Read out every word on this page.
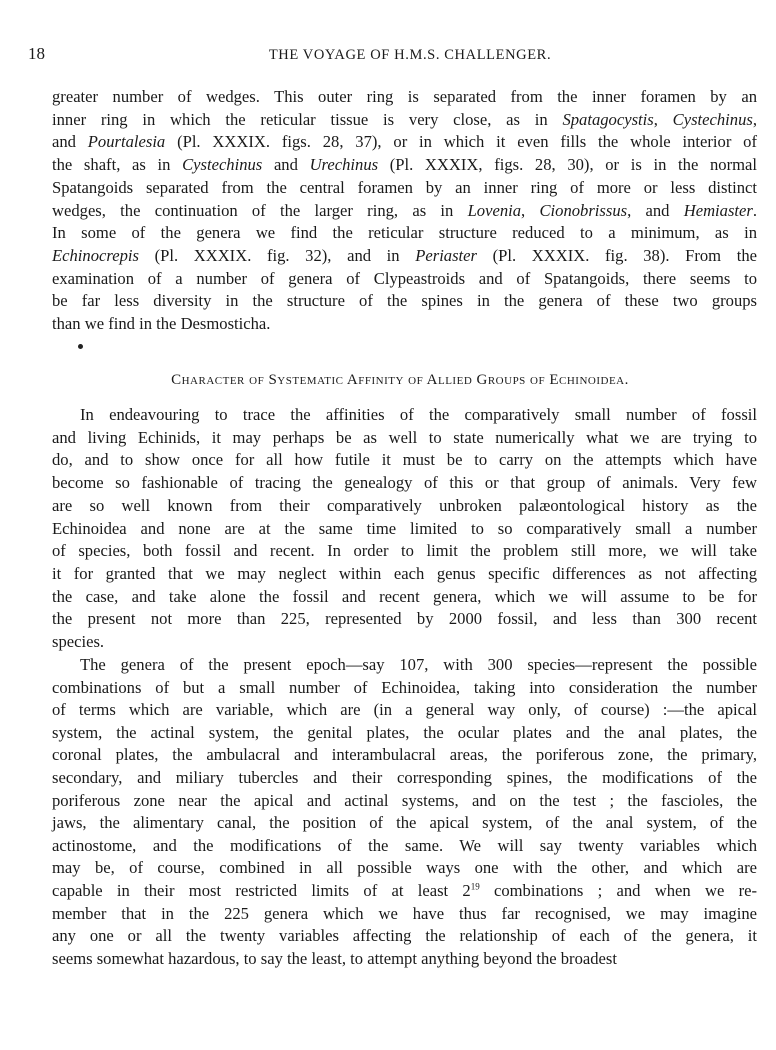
18	THE VOYAGE OF H.M.S. CHALLENGER.
greater number of wedges. This outer ring is separated from the inner foramen by an
inner ring in which the reticular tissue is very close, as in Spatagocystis, Cystechinus,
and Pourtalesia (Pl. XXXIX. figs. 28, 37), or in which it even fills the whole interior of
the shaft, as in Cystechinus and Urechinus (Pl. XXXIX, figs. 28, 30), or is in the normal
Spatangoids separated from the central foramen by an inner ring of more or less distinct
wedges, the continuation of the larger ring, as in Lovenia, Cionobrissus, and Hemiaster.
In some of the genera we find the reticular structure reduced to a minimum, as in
Echinocrepis (Pl. XXXIX. fig. 32), and in Periaster (Pl. XXXIX. fig. 38). From the
examination of a number of genera of Clypeastroids and of Spatangoids, there seems to
be far less diversity in the structure of the spines in the genera of these two groups
than we find in the Desmosticha.
Character of Systematic Affinity of Allied Groups of Echinoidea.
In endeavouring to trace the affinities of the comparatively small number of fossil
and living Echinids, it may perhaps be as well to state numerically what we are trying to
do, and to show once for all how futile it must be to carry on the attempts which have
become so fashionable of tracing the genealogy of this or that group of animals. Very few
are so well known from their comparatively unbroken palæontological history as the
Echinoidea and none are at the same time limited to so comparatively small a number
of species, both fossil and recent. In order to limit the problem still more, we will take
it for granted that we may neglect within each genus specific differences as not affecting
the case, and take alone the fossil and recent genera, which we will assume to be for
the present not more than 225, represented by 2000 fossil, and less than 300 recent
species.
The genera of the present epoch—say 107, with 300 species—represent the possible
combinations of but a small number of Echinoidea, taking into consideration the number
of terms which are variable, which are (in a general way only, of course) :—the apical
system, the actinal system, the genital plates, the ocular plates and the anal plates, the
coronal plates, the ambulacral and interambulacral areas, the poriferous zone, the primary,
secondary, and miliary tubercles and their corresponding spines, the modifications of the
poriferous zone near the apical and actinal systems, and on the test ; the fascioles, the
jaws, the alimentary canal, the position of the apical system, of the anal system, of the
actinostome, and the modifications of the same. We will say twenty variables which
may be, of course, combined in all possible ways one with the other, and which are
capable in their most restricted limits of at least $2^{19}$ combinations ; and when we re-
member that in the 225 genera which we have thus far recognised, we may imagine
any one or all the twenty variables affecting the relationship of each of the genera, it
seems somewhat hazardous, to say the least, to attempt anything beyond the broadest
